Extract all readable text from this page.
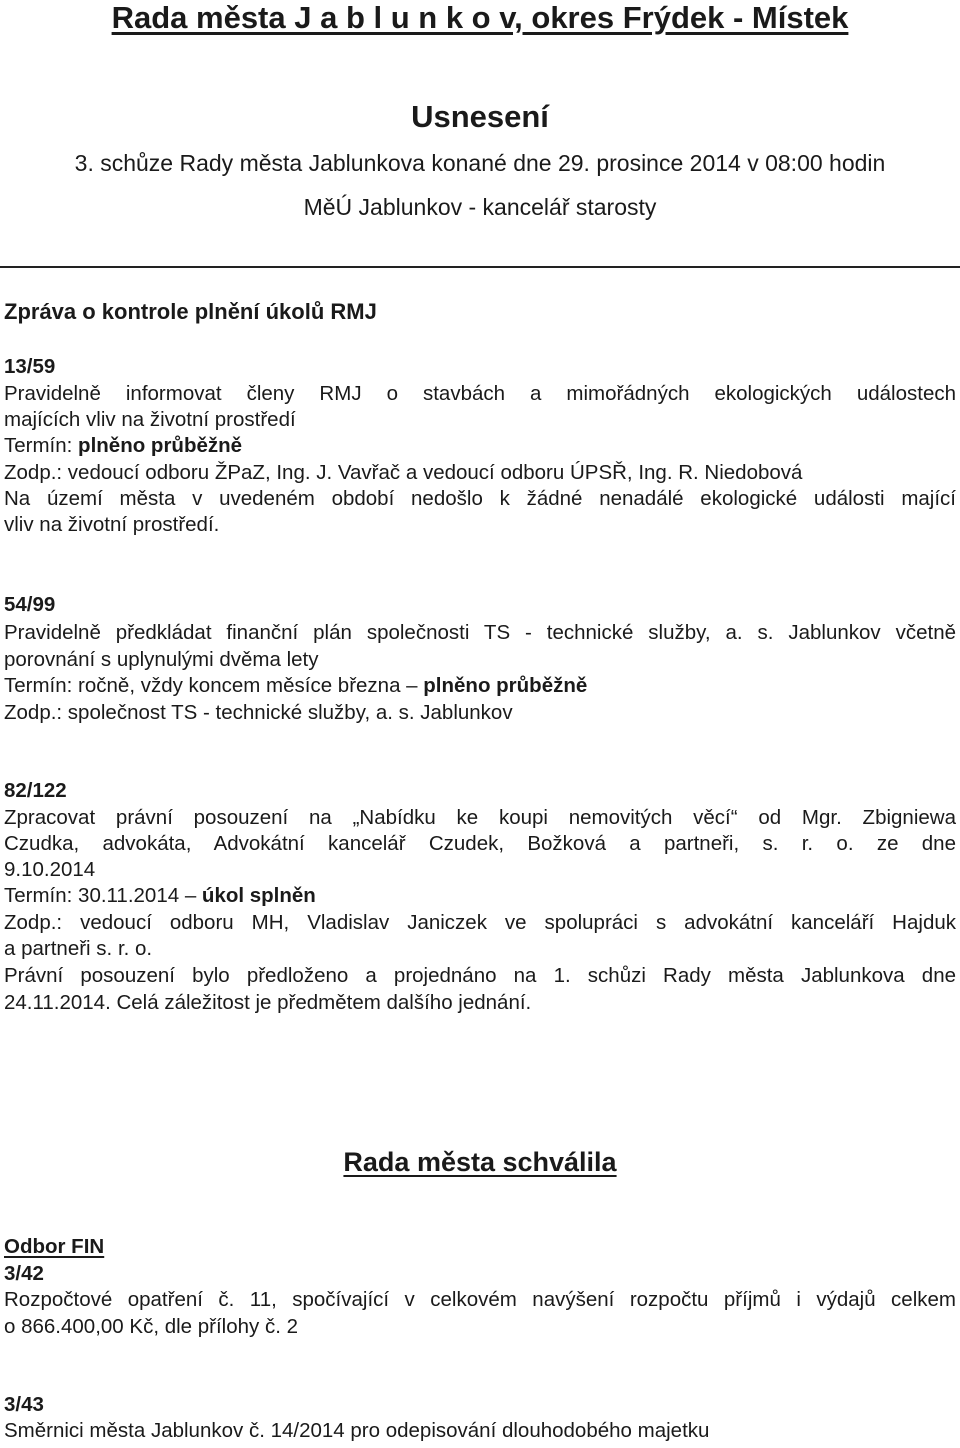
Rada města J a b l u n k o v, okres Frýdek - Místek
Usnesení
3. schůze Rady města Jablunkova konané dne 29. prosince 2014 v 08:00 hodin
MěÚ Jablunkov - kancelář starosty
Zpráva o kontrole plnění úkolů RMJ
13/59
Pravidelně informovat členy RMJ o stavbách a mimořádných ekologických událostech
majících vliv na životní prostředí
Termín: plněno průběžně
Zodp.: vedoucí odboru ŽPaZ, Ing. J. Vavřač a vedoucí odboru ÚPSŘ, Ing. R. Niedobová
Na území města v uvedeném období nedošlo k žádné nenadálé ekologické události mající
vliv na životní prostředí.
54/99
Pravidelně předkládat finanční plán společnosti TS - technické služby, a. s. Jablunkov včetně
porovnání s uplynulými dvěma lety
Termín: ročně, vždy koncem měsíce března – plněno průběžně
Zodp.: společnost TS - technické služby, a. s. Jablunkov
82/122
Zpracovat právní posouzení na „Nabídku ke koupi nemovitých věcí“ od Mgr. Zbigniewa
Czudka, advokáta, Advokátní kancelář Czudek, Božková a partneři, s. r. o. ze dne
9.10.2014
Termín: 30.11.2014 – úkol splněn
Zodp.: vedoucí odboru MH, Vladislav Janiczek ve spolupráci s advokátní kanceláří Hajduk
a partneři s. r. o.
Právní posouzení bylo předloženo a projednáno na 1. schůzi Rady města Jablunkova dne
24.11.2014. Celá záležitost je předmětem dalšího jednání.
Rada města schválila
Odbor FIN
3/42
Rozpočtové opatření č. 11, spočívající v celkovém navýšení rozpočtu příjmů i výdajů celkem
o 866.400,00 Kč, dle přílohy č. 2
3/43
Směrnici města Jablunkov č. 14/2014 pro odepisování dlouhodobého majetku
